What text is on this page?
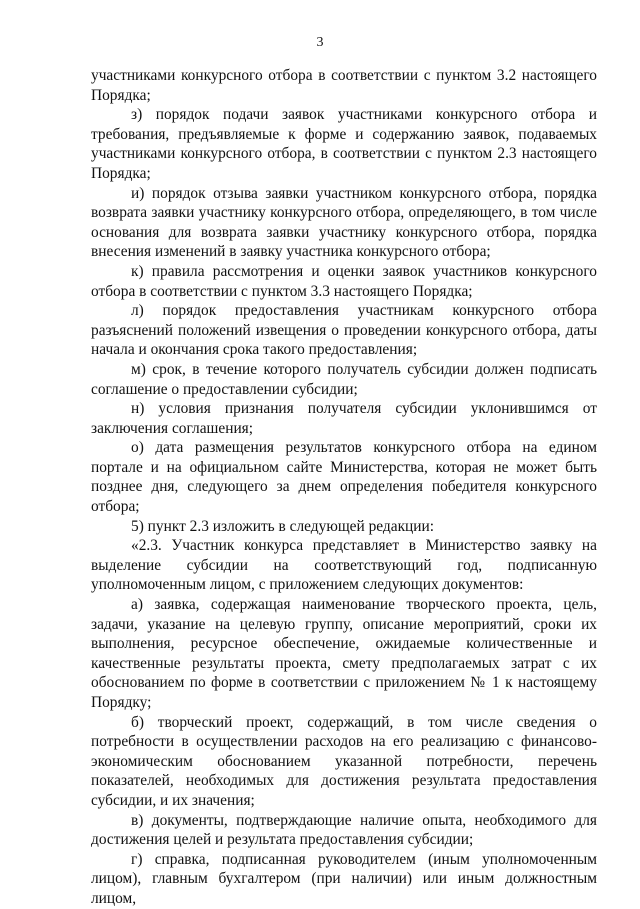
3

участниками конкурсного отбора в соответствии с пунктом 3.2 настоящего Порядка;

з) порядок подачи заявок участниками конкурсного отбора и требования, предъявляемые к форме и содержанию заявок, подаваемых участниками конкурсного отбора, в соответствии с пунктом 2.3 настоящего Порядка;

и) порядок отзыва заявки участником конкурсного отбора, порядка возврата заявки участнику конкурсного отбора, определяющего, в том числе основания для возврата заявки участнику конкурсного отбора, порядка внесения изменений в заявку участника конкурсного отбора;

к) правила рассмотрения и оценки заявок участников конкурсного отбора в соответствии с пунктом 3.3 настоящего Порядка;

л) порядок предоставления участникам конкурсного отбора разъяснений положений извещения о проведении конкурсного отбора, даты начала и окончания срока такого предоставления;

м) срок, в течение которого получатель субсидии должен подписать соглашение о предоставлении субсидии;

н) условия признания получателя субсидии уклонившимся от заключения соглашения;

о) дата размещения результатов конкурсного отбора на едином портале и на официальном сайте Министерства, которая не может быть позднее дня, следующего за днем определения победителя конкурсного отбора;

5) пункт 2.3 изложить в следующей редакции:

«2.3. Участник конкурса представляет в Министерство заявку на выделение субсидии на соответствующий год, подписанную уполномоченным лицом, с приложением следующих документов:

а) заявка, содержащая наименование творческого проекта, цель, задачи, указание на целевую группу, описание мероприятий, сроки их выполнения, ресурсное обеспечение, ожидаемые количественные и качественные результаты проекта, смету предполагаемых затрат с их обоснованием по форме в соответствии с приложением № 1 к настоящему Порядку;

б) творческий проект, содержащий, в том числе сведения о потребности в осуществлении расходов на его реализацию с финансово-экономическим обоснованием указанной потребности, перечень показателей, необходимых для достижения результата предоставления субсидии, и их значения;

в) документы, подтверждающие наличие опыта, необходимого для достижения целей и результата предоставления субсидии;

г) справка, подписанная руководителем (иным уполномоченным лицом), главным бухгалтером (при наличии) или иным должностным лицом,
